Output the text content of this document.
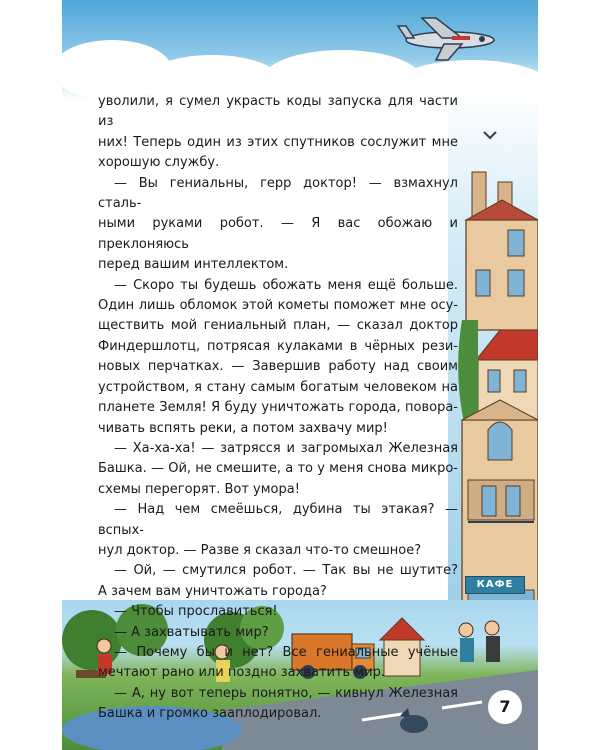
КАФЕ
7

уволили, я сумел украсть коды запуска для части из
них! Теперь один из этих спутников сослужит мне
хорошую службу.

— Вы гениальны, герр доктор! — взмахнул сталь-
ными руками робот. — Я вас обожаю и преклоняюсь
перед вашим интеллектом.

— Скоро ты будешь обожать меня ещё больше.
Один лишь обломок этой кометы поможет мне осу-
ществить мой гениальный план, — сказал доктор
Финдершлотц, потрясая кулаками в чёрных рези-
новых перчатках. — Завершив работу над своим
устройством, я стану самым богатым человеком на
планете Земля! Я буду уничтожать города, повора-
чивать вспять реки, а потом захвачу мир!

— Ха-ха-ха! — затрясся и загромыхал Железная
Башка. — Ой, не смешите, а то у меня снова микро-
схемы перегорят. Вот умора!

— Над чем смеёшься, дубина ты этакая? — вспых-
нул доктор. — Разве я сказал что-то смешное?

— Ой, — смутился робот. — Так вы не шутите?
А зачем вам уничтожать города?

— Чтобы прославиться!

— А захватывать мир?

— Почему бы и нет? Все гениальные учёные
мечтают рано или поздно захватить мир.

— А, ну вот теперь понятно, — кивнул Железная
Башка и громко зааплодировал.
